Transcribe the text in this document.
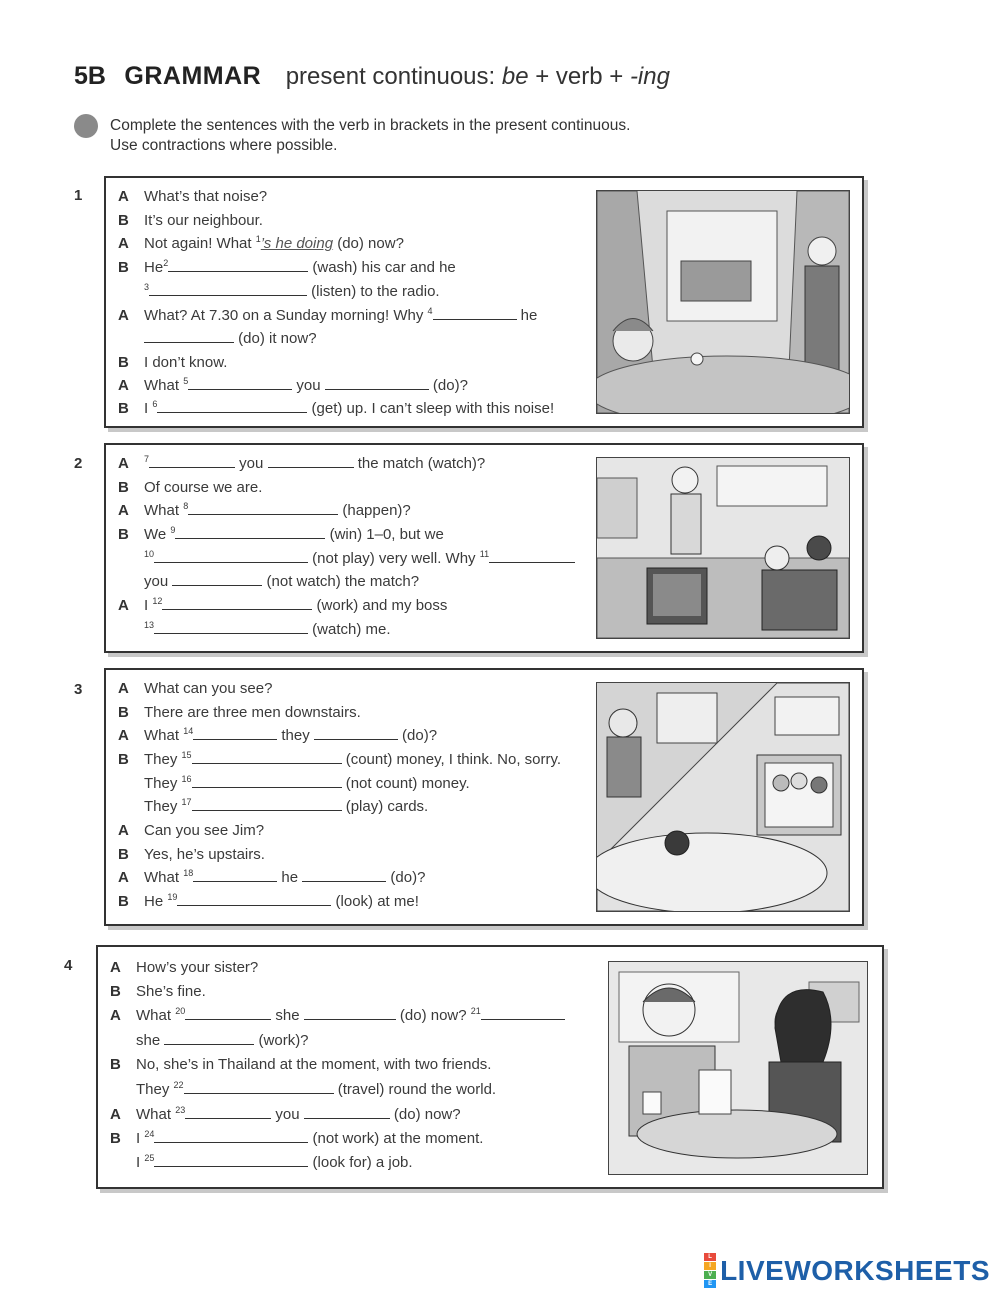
5B GRAMMAR present continuous: be + verb + -ing
Complete the sentences with the verb in brackets in the present continuous.
Use contractions where possible.
1 A What’s that noise?
B It’s our neighbour.
A Not again! What $^1$’s he doing (do) now?
B He$^2$	(wash) his car and he
$^3$	(listen) to the radio.
A What? At 7.30 on a Sunday morning! Why $^4$	he
(do) it now?
B I don’t know.
A What $^5$	you	(do)?
B I $^6$	(get) up. I can’t sleep with this noise!
2 A $^7$	you	the match (watch)?
B Of course we are.
A What $^8$	(happen)?
B We $^9$	(win) 1–0, but we
$^{10}$	(not play) very well. Why $^{11}$
you	(not watch) the match?
A I $^{12}$	(work) and my boss
$^{13}$	(watch) me.
3 A What can you see?
B There are three men downstairs.
A What $^{14}$	they	(do)?
B They $^{15}$	(count) money, I think. No, sorry.
They $^{16}$	(not count) money.
They $^{17}$	(play) cards.
A Can you see Jim?
B Yes, he’s upstairs.
A What $^{18}$	he	(do)?
B He $^{19}$	(look) at me!
4	A How’s your sister?
B She’s fine.
A What $^{20}$	she	(do) now? $^{21}$
she	(work)?
B No, she’s in Thailand at the moment, with two friends.
They $^{22}$	(travel) round the world.
A What $^{23}$	you	(do) now?
B I $^{24}$	(not work) at the moment.
I $^{25}$	(look for) a job.
L
I
V
E LIVEWORKSHEETS
